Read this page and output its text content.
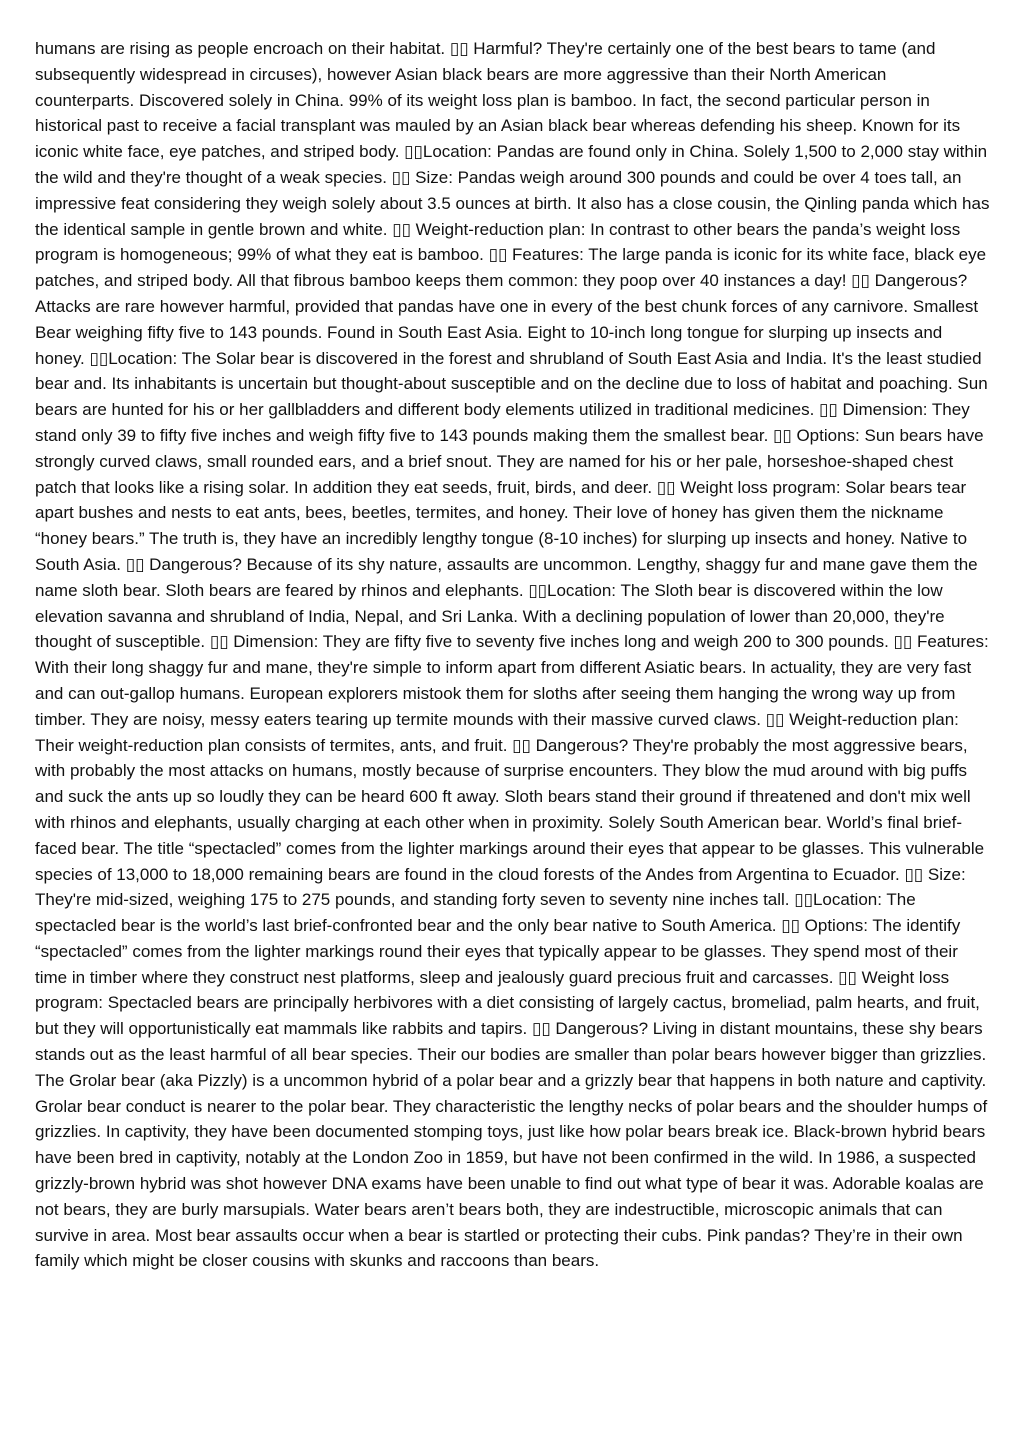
humans are rising as people encroach on their habitat. ▯▯ Harmful? They're certainly one of the best bears to tame (and subsequently widespread in circuses), however Asian black bears are more aggressive than their North American counterparts. Discovered solely in China. 99% of its weight loss plan is bamboo. In fact, the second particular person in historical past to receive a facial transplant was mauled by an Asian black bear whereas defending his sheep. Known for its iconic white face, eye patches, and striped body. ▯▯Location: Pandas are found only in China. Solely 1,500 to 2,000 stay within the wild and they're thought of a weak species. ▯▯ Size: Pandas weigh around 300 pounds and could be over 4 toes tall, an impressive feat considering they weigh solely about 3.5 ounces at birth. It also has a close cousin, the Qinling panda which has the identical sample in gentle brown and white. ▯▯ Weight-reduction plan: In contrast to other bears the panda’s weight loss program is homogeneous; 99% of what they eat is bamboo. ▯▯ Features: The large panda is iconic for its white face, black eye patches, and striped body. All that fibrous bamboo keeps them common: they poop over 40 instances a day! ▯▯ Dangerous? Attacks are rare however harmful, provided that pandas have one in every of the best chunk forces of any carnivore. Smallest Bear weighing fifty five to 143 pounds. Found in South East Asia. Eight to 10-inch long tongue for slurping up insects and honey. ▯▯Location: The Solar bear is discovered in the forest and shrubland of South East Asia and India. It's the least studied bear and. Its inhabitants is uncertain but thought-about susceptible and on the decline due to loss of habitat and poaching. Sun bears are hunted for his or her gallbladders and different body elements utilized in traditional medicines. ▯▯ Dimension: They stand only 39 to fifty five inches and weigh fifty five to 143 pounds making them the smallest bear. ▯▯ Options: Sun bears have strongly curved claws, small rounded ears, and a brief snout. They are named for his or her pale, horseshoe-shaped chest patch that looks like a rising solar. In addition they eat seeds, fruit, birds, and deer. ▯▯ Weight loss program: Solar bears tear apart bushes and nests to eat ants, bees, beetles, termites, and honey. Their love of honey has given them the nickname “honey bears.” The truth is, they have an incredibly lengthy tongue (8-10 inches) for slurping up insects and honey. Native to South Asia. ▯▯ Dangerous? Because of its shy nature, assaults are uncommon. Lengthy, shaggy fur and mane gave them the name sloth bear. Sloth bears are feared by rhinos and elephants. ▯▯Location: The Sloth bear is discovered within the low elevation savanna and shrubland of India, Nepal, and Sri Lanka. With a declining population of lower than 20,000, they're thought of susceptible. ▯▯ Dimension: They are fifty five to seventy five inches long and weigh 200 to 300 pounds. ▯▯ Features: With their long shaggy fur and mane, they're simple to inform apart from different Asiatic bears. In actuality, they are very fast and can out-gallop humans. European explorers mistook them for sloths after seeing them hanging the wrong way up from timber. They are noisy, messy eaters tearing up termite mounds with their massive curved claws. ▯▯ Weight-reduction plan: Their weight-reduction plan consists of termites, ants, and fruit. ▯▯ Dangerous? They're probably the most aggressive bears, with probably the most attacks on humans, mostly because of surprise encounters. They blow the mud around with big puffs and suck the ants up so loudly they can be heard 600 ft away. Sloth bears stand their ground if threatened and don't mix well with rhinos and elephants, usually charging at each other when in proximity. Solely South American bear. World’s final brief-faced bear. The title “spectacled” comes from the lighter markings around their eyes that appear to be glasses. This vulnerable species of 13,000 to 18,000 remaining bears are found in the cloud forests of the Andes from Argentina to Ecuador. ▯▯ Size: They're mid-sized, weighing 175 to 275 pounds, and standing forty seven to seventy nine inches tall. ▯▯Location: The spectacled bear is the world’s last brief-confronted bear and the only bear native to South America. ▯▯ Options: The identify “spectacled” comes from the lighter markings round their eyes that typically appear to be glasses. They spend most of their time in timber where they construct nest platforms, sleep and jealously guard precious fruit and carcasses. ▯▯ Weight loss program: Spectacled bears are principally herbivores with a diet consisting of largely cactus, bromeliad, palm hearts, and fruit, but they will opportunistically eat mammals like rabbits and tapirs. ▯▯ Dangerous? Living in distant mountains, these shy bears stands out as the least harmful of all bear species. Their our bodies are smaller than polar bears however bigger than grizzlies. The Grolar bear (aka Pizzly) is a uncommon hybrid of a polar bear and a grizzly bear that happens in both nature and captivity. Grolar bear conduct is nearer to the polar bear. They characteristic the lengthy necks of polar bears and the shoulder humps of grizzlies. In captivity, they have been documented stomping toys, just like how polar bears break ice. Black-brown hybrid bears have been bred in captivity, notably at the London Zoo in 1859, but have not been confirmed in the wild. In 1986, a suspected grizzly-brown hybrid was shot however DNA exams have been unable to find out what type of bear it was. Adorable koalas are not bears, they are burly marsupials. Water bears aren’t bears both, they are indestructible, microscopic animals that can survive in area. Most bear assaults occur when a bear is startled or protecting their cubs. Pink pandas? They’re in their own family which might be closer cousins with skunks and raccoons than bears.
